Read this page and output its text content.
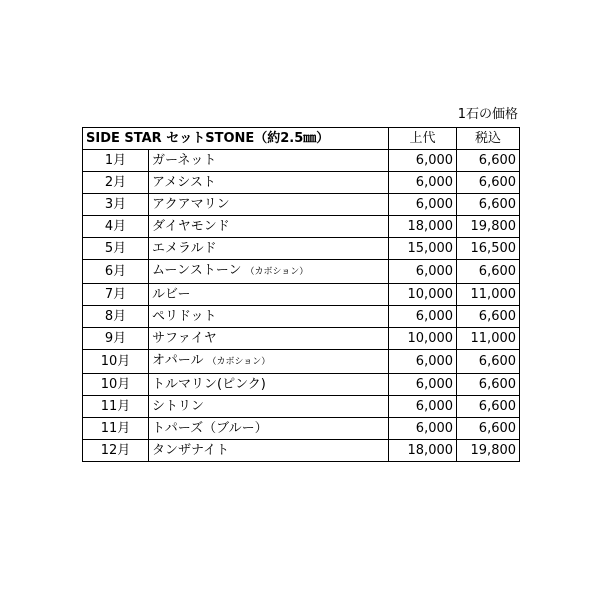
1石の価格
SIDE STAR セットSTONE（約2.5㎜）		上代	税込
1月	ガーネット	6,000	6,600
2月	アメシスト	6,000	6,600
3月	アクアマリン	6,000	6,600
4月	ダイヤモンド	18,000	19,800
5月	エメラルド	15,000	16,500
6月	ムーンストーン （カボション）	6,000	6,600
7月	ルビー	10,000	11,000
8月	ペリドット	6,000	6,600
9月	サファイヤ	10,000	11,000
10月	オパール （カボション）	6,000	6,600
10月	トルマリン(ピンク)	6,000	6,600
11月	シトリン	6,000	6,600
11月	トパーズ（ブルー）	6,000	6,600
12月	タンザナイト	18,000	19,800
